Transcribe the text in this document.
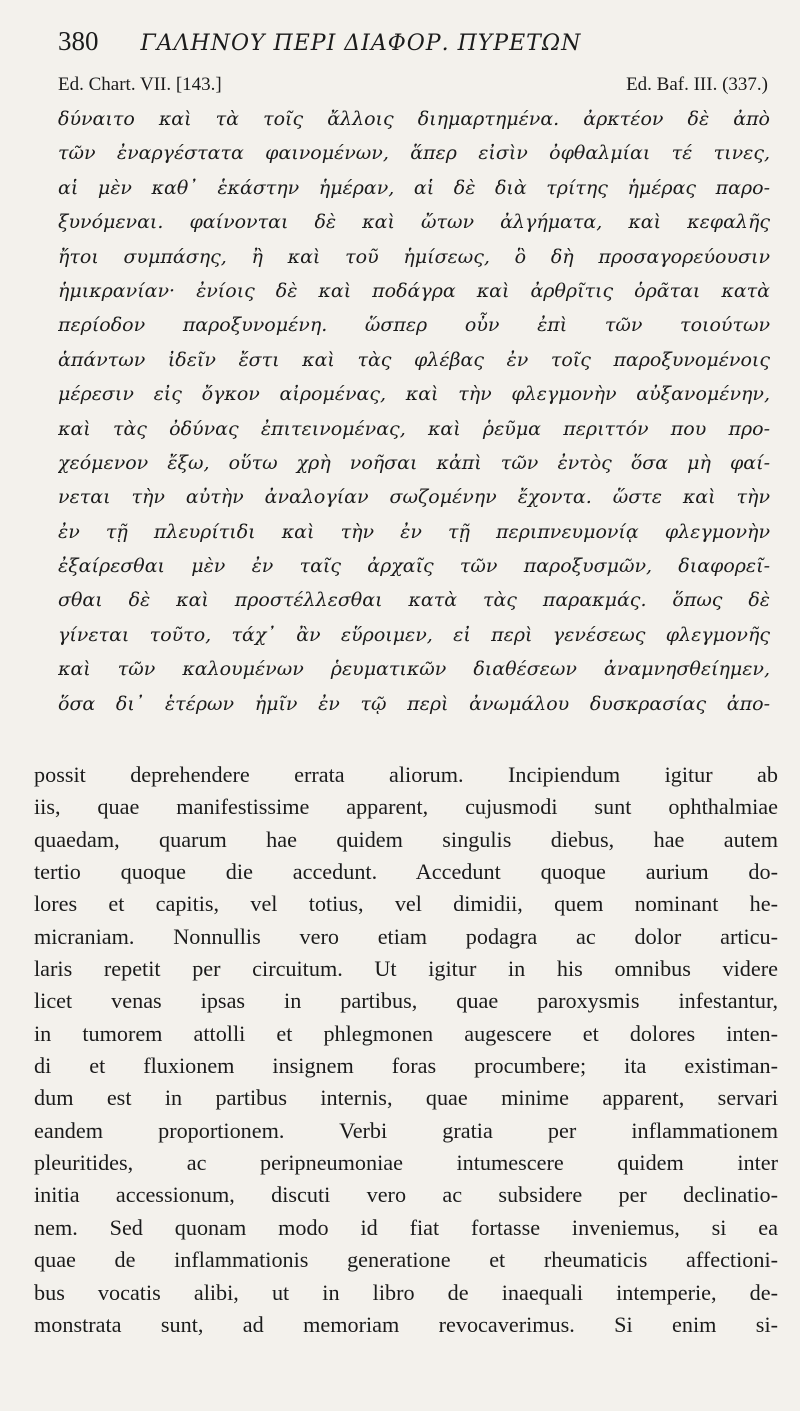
380 ΓΑΛΗΝΟΥ ΠΕΡΙ ΔΙΑΦΟΡ. ΠΥΡΕΤΩΝ
Ed. Chart. VII. [143.]	Ed. Baf. III. (337.)
δύναιτο καὶ τὰ τοῖς ἄλλοις διημαρτημένα. ἀρκτέον δὲ ἀπὸ
τῶν ἐναργέστατα φαινομένων, ἅπερ εἰσὶν ὀφθαλμίαι τέ τινες,
αἱ μὲν καθ᾽ ἑκάστην ἡμέραν, αἱ δὲ διὰ τρίτης ἡμέρας παρο-
ξυνόμεναι. φαίνονται δὲ καὶ ὤτων ἀλγήματα, καὶ κεφαλῆς
ἤτοι συμπάσης, ἢ καὶ τοῦ ἡμίσεως, ὃ δὴ προσαγορεύουσιν
ἡμικρανίαν· ἐνίοις δὲ καὶ ποδάγρα καὶ ἀρθρῖτις ὁρᾶται κατὰ
περίοδον παροξυνομένη. ὥσπερ οὖν ἐπὶ τῶν τοιούτων
ἁπάντων ἰδεῖν ἔστι καὶ τὰς φλέβας ἐν τοῖς παροξυνομένοις
μέρεσιν εἰς ὄγκον αἰρομένας, καὶ τὴν φλεγμονὴν αὐξανομένην,
καὶ τὰς ὀδύνας ἐπιτεινομένας, καὶ ῥεῦμα περιττόν που προ-
χεόμενον ἔξω, οὕτω χρὴ νοῆσαι κἀπὶ τῶν ἐντὸς ὅσα μὴ φαί-
νεται τὴν αὐτὴν ἀναλογίαν σωζομένην ἔχοντα. ὥστε καὶ τὴν
ἐν τῇ πλευρίτιδι καὶ τὴν ἐν τῇ περιπνευμονίᾳ φλεγμονὴν
ἐξαίρεσθαι μὲν ἐν ταῖς ἀρχαῖς τῶν παροξυσμῶν, διαφορεῖ-
σθαι δὲ καὶ προστέλλεσθαι κατὰ τὰς παρακμάς. ὅπως δὲ
γίνεται τοῦτο, τάχ᾽ ἂν εὕροιμεν, εἰ περὶ γενέσεως φλεγμονῆς
καὶ τῶν καλουμένων ῥευματικῶν διαθέσεων ἀναμνησθείημεν,
ὅσα δι᾽ ἑτέρων ἡμῖν ἐν τῷ περὶ ἀνωμάλου δυσκρασίας ἀπο-
possit deprehendere errata aliorum. Incipiendum igitur ab
iis, quae manifestissime apparent, cujusmodi sunt ophthalmiae
quaedam, quarum hae quidem singulis diebus, hae autem
tertio quoque die accedunt. Accedunt quoque aurium do-
lores et capitis, vel totius, vel dimidii, quem nominant he-
micraniam. Nonnullis vero etiam podagra ac dolor articu-
laris repetit per circuitum. Ut igitur in his omnibus videre
licet venas ipsas in partibus, quae paroxysmis infestantur,
in tumorem attolli et phlegmonen augescere et dolores inten-
di et fluxionem insignem foras procumbere; ita existiman-
dum est in partibus internis, quae minime apparent, servari
eandem proportionem. Verbi gratia per inflammationem
pleuritides, ac peripneumoniae intumescere quidem inter
initia accessionum, discuti vero ac subsidere per declinatio-
nem. Sed quonam modo id fiat fortasse inveniemus, si ea
quae de inflammationis generatione et rheumaticis affectioni-
bus vocatis alibi, ut in libro de inaequali intemperie, de-
monstrata sunt, ad memoriam revocaverimus. Si enim si-
